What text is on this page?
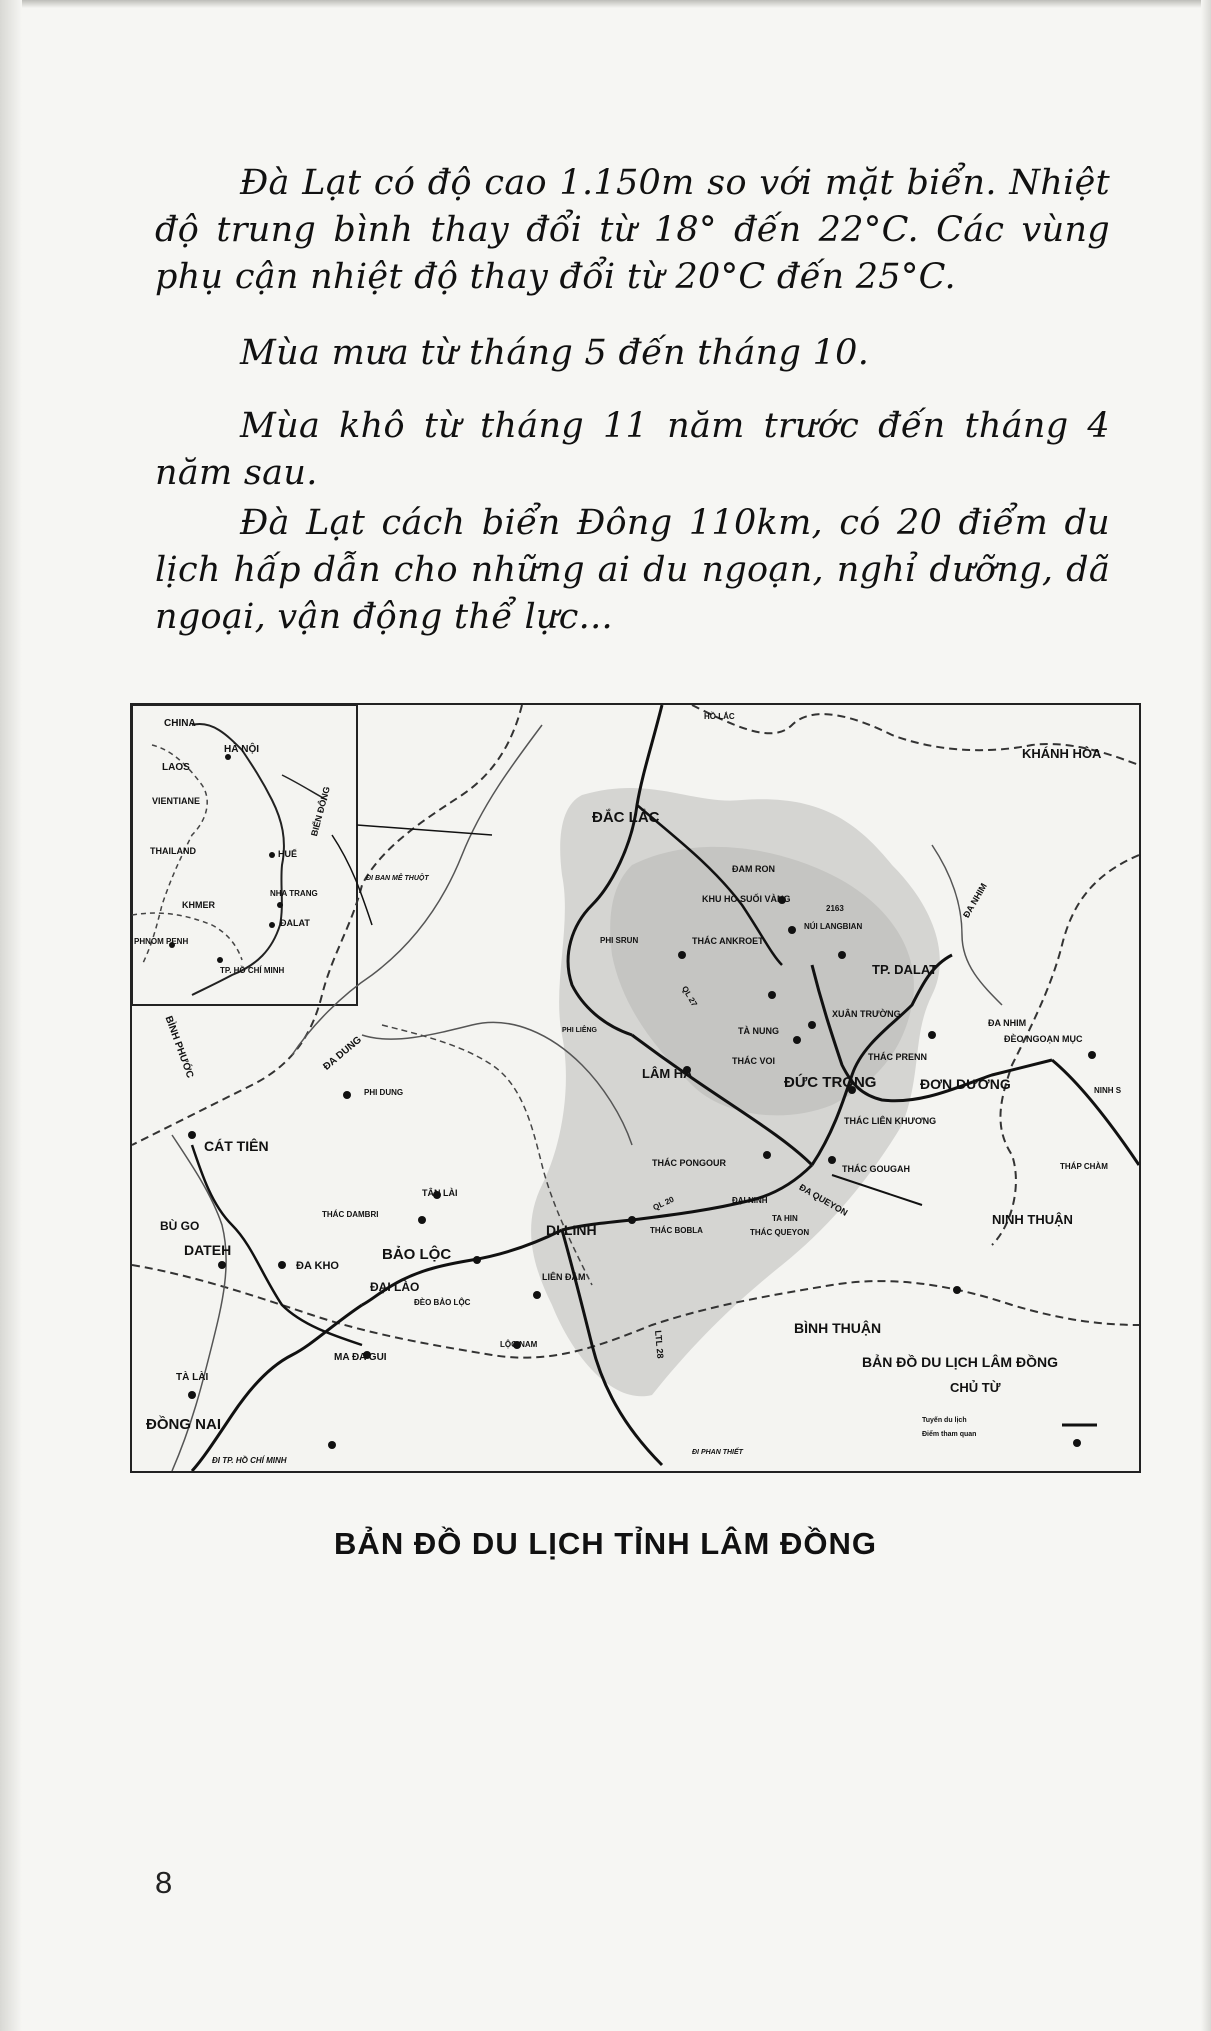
Đà Lạt có độ cao 1.150m so với mặt biển. Nhiệt độ trung bình thay đổi từ 18° đến 22°C. Các vùng phụ cận nhiệt độ thay đổi từ 20°C đến 25°C.
Mùa mưa từ tháng 5 đến tháng 10.
Mùa khô từ tháng 11 năm trước đến tháng 4 năm sau.
Đà Lạt cách biển Đông 110km, có 20 điểm du lịch hấp dẫn cho những ai du ngoạn, nghỉ dưỡng, dã ngoại, vận động thể lực...
CHINA
HÀ NỘI
LAOS
VIENTIANE
THAILAND	HUẾ
KHMER
NHA TRANG
ĐALAT
PHNOM PENH
TP. HỒ CHÍ MINH
BIỂN ĐÔNG
HỒ LẮC
KHÁNH HÒA
ĐẮC LẮC
ĐI BAN MÊ THUỘT
ĐAM RON
KHU HỒ SUỐI VÀNG
2163
NÚI LANGBIAN
PHI SRUN	THÁC ANKROET
TP. DALAT
ĐA NHIM
XUÂN TRƯỜNG
ĐA NHIM
ĐÈO NGOẠN MỤC
PHI LIÊNG	TÀ NUNG
THÁC PRENN
THÁC VOI
LÂM HÀ
ĐỨC TRỌNG	ĐƠN DƯƠNG	NINH S
ĐA DUNG
PHI DUNG
THÁC LIÊN KHƯƠNG
BÌNH PHƯỚC
CÁT TIÊN
THÁC PONGOUR
THÁC GOUGAH	THÁP CHÀM
ĐẠI NINH	ĐA QUEYON
TÂN LÀI
THÁC DAMBRI
BÙ GO
DATEH
ĐA KHO
BẢO LỘC
DI LINH	THÁC BOBLA
TA HIN
THÁC QUEYON
QL 20
NINH THUẬN
ĐẠI LÀO
LIÊN ĐẦM
ĐÈO BẢO LỘC
LTL 28
QL 27
LỘC NAM
TÀ LÀI
MA ĐA GUI
BÌNH THUẬN
ĐỒNG NAI
ĐI PHAN THIẾT
ĐI TP. HỒ CHÍ MINH
BẢN ĐỒ DU LỊCH LÂM ĐỒNG
CHỦ TỪ
Tuyến du lịch
Điểm tham quan
BẢN ĐỒ DU LỊCH TỈNH LÂM ĐỒNG
8
